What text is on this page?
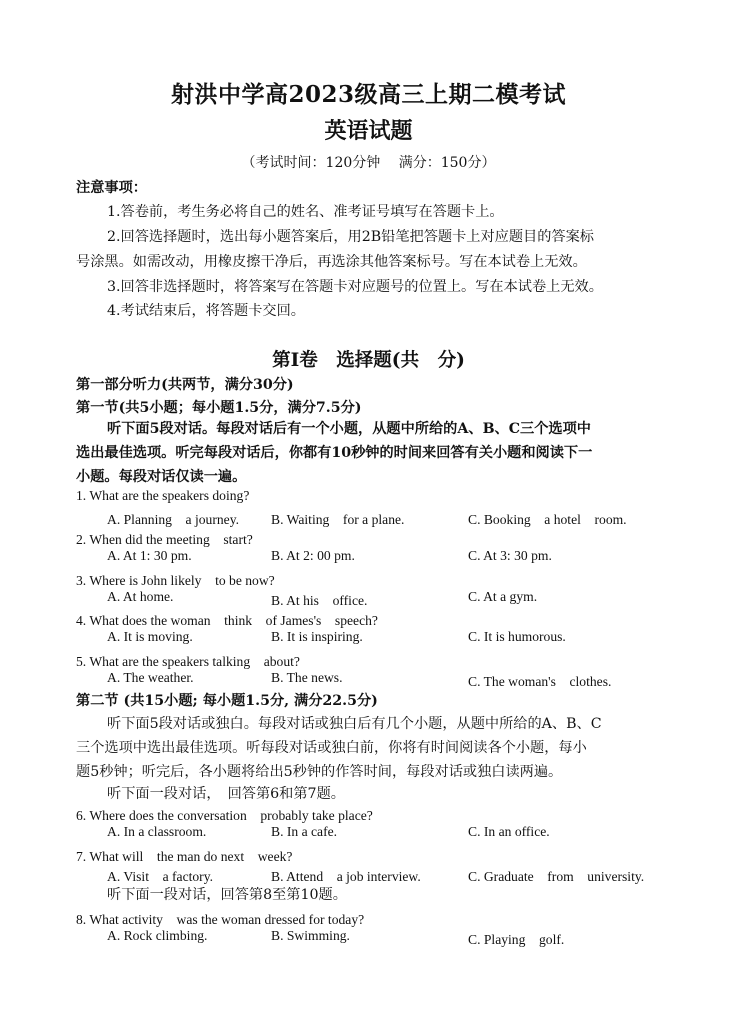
射洪中学高2023级高三上期二模考试
英语试题
（考试时间：120分钟　 满分：150分）
注意事项：
1.答卷前，考生务必将自己的姓名、准考证号填写在答题卡上。
2.回答选择题时，选出每小题答案后，用2B铅笔把答题卡上对应题目的答案标
号涂黑。如需改动，用橡皮擦干净后，再选涂其他答案标号。写在本试卷上无效。
3.回答非选择题时，将答案写在答题卡对应题号的位置上。写在本试卷上无效。
4.考试结束后，将答题卡交回。
第I卷　选择题(共　分)
第一部分听力(共两节，满分30分)
第一节(共5小题；每小题1.5分，满分7.5分)
听下面5段对话。每段对话后有一个小题，从题中所给的A、B、C三个选项中
选出最佳选项。听完每段对话后，你都有10秒钟的时间来回答有关小题和阅读下一
小题。每段对话仅读一遍。
1. What are the speakers doing?
A. Planning　a journey. B. Waiting　for a plane.	C. Booking　a hotel　room.
2. When did the meeting　start?
A. At 1: 30 pm.	B. At 2: 00 pm.	C. At 3: 30 pm.
3. Where is John likely　to be now?
A. At home.	B. At his　office.	C. At a gym.
4. What does the woman　think　of James's　speech?
A. It is moving.	B. It is inspiring.	C. It is humorous.
5. What are the speakers talking　about?
A. The weather.	B. The news.	C. The woman's　clothes.
第二节 (共15小题; 每小题1.5分, 满分22.5分)
听下面5段对话或独白。每段对话或独白后有几个小题，从题中所给的A、B、C
三个选项中选出最佳选项。听每段对话或独白前，你将有时间阅读各个小题，每小
题5秒钟；听完后，各小题将给出5秒钟的作答时间，每段对话或独白读两遍。
听下面一段对话，　回答第6和第7题。
6. Where does the conversation　probably take place?
A. In a classroom.	B. In a cafe.	C. In an office.
7. What will　the man do next　week?
A. Visit　a factory.	B. Attend　a job interview.	C. Graduate　from　university.
听下面一段对话，回答第8至第10题。
8. What activity　was the woman dressed for today?
A. Rock climbing.	B. Swimming.	C. Playing　golf.
